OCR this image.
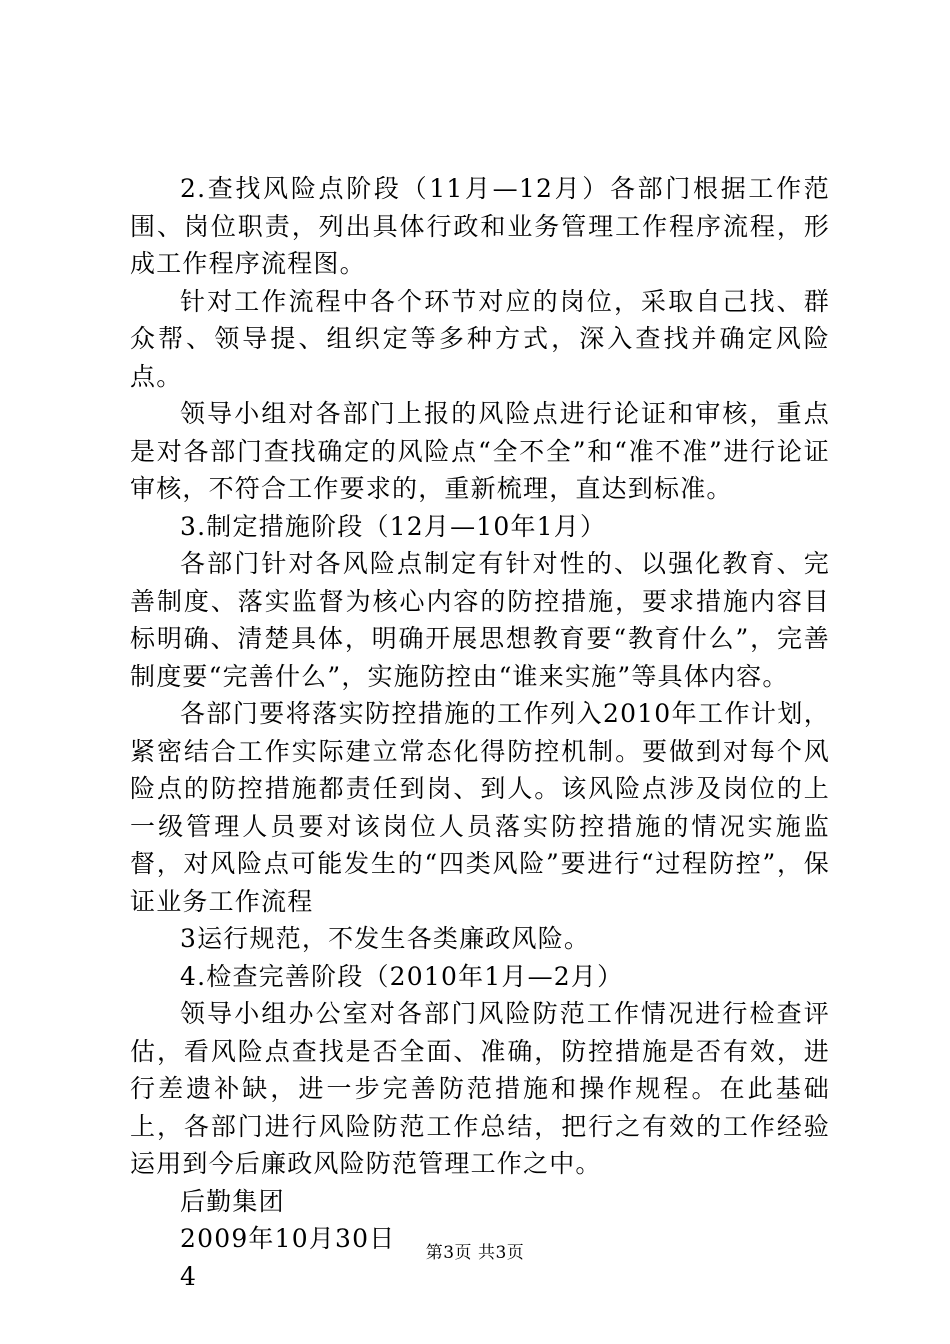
2.查找风险点阶段（11月—12月）各部门根据工作范围、岗位职责，列出具体行政和业务管理工作程序流程，形成工作程序流程图。

针对工作流程中各个环节对应的岗位，采取自己找、群众帮、领导提、组织定等多种方式，深入查找并确定风险点。

领导小组对各部门上报的风险点进行论证和审核，重点是对各部门查找确定的风险点“全不全”和“准不准”进行论证审核，不符合工作要求的，重新梳理，直达到标准。

3.制定措施阶段（12月—10年1月）

各部门针对各风险点制定有针对性的、以强化教育、完善制度、落实监督为核心内容的防控措施，要求措施内容目标明确、清楚具体，明确开展思想教育要“教育什么”，完善制度要“完善什么”，实施防控由“谁来实施”等具体内容。

各部门要将落实防控措施的工作列入2010年工作计划，紧密结合工作实际建立常态化得防控机制。要做到对每个风险点的防控措施都责任到岗、到人。该风险点涉及岗位的上一级管理人员要对该岗位人员落实防控措施的情况实施监督，对风险点可能发生的“四类风险”要进行“过程防控”，保证业务工作流程

3运行规范，不发生各类廉政风险。

4.检查完善阶段（2010年1月—2月）

领导小组办公室对各部门风险防范工作情况进行检查评估，看风险点查找是否全面、准确，防控措施是否有效，进行差遗补缺，进一步完善防范措施和操作规程。在此基础上，各部门进行风险防范工作总结，把行之有效的工作经验运用到今后廉政风险防范管理工作之中。

后勤集团

2009年10月30日

4

第3页 共3页
